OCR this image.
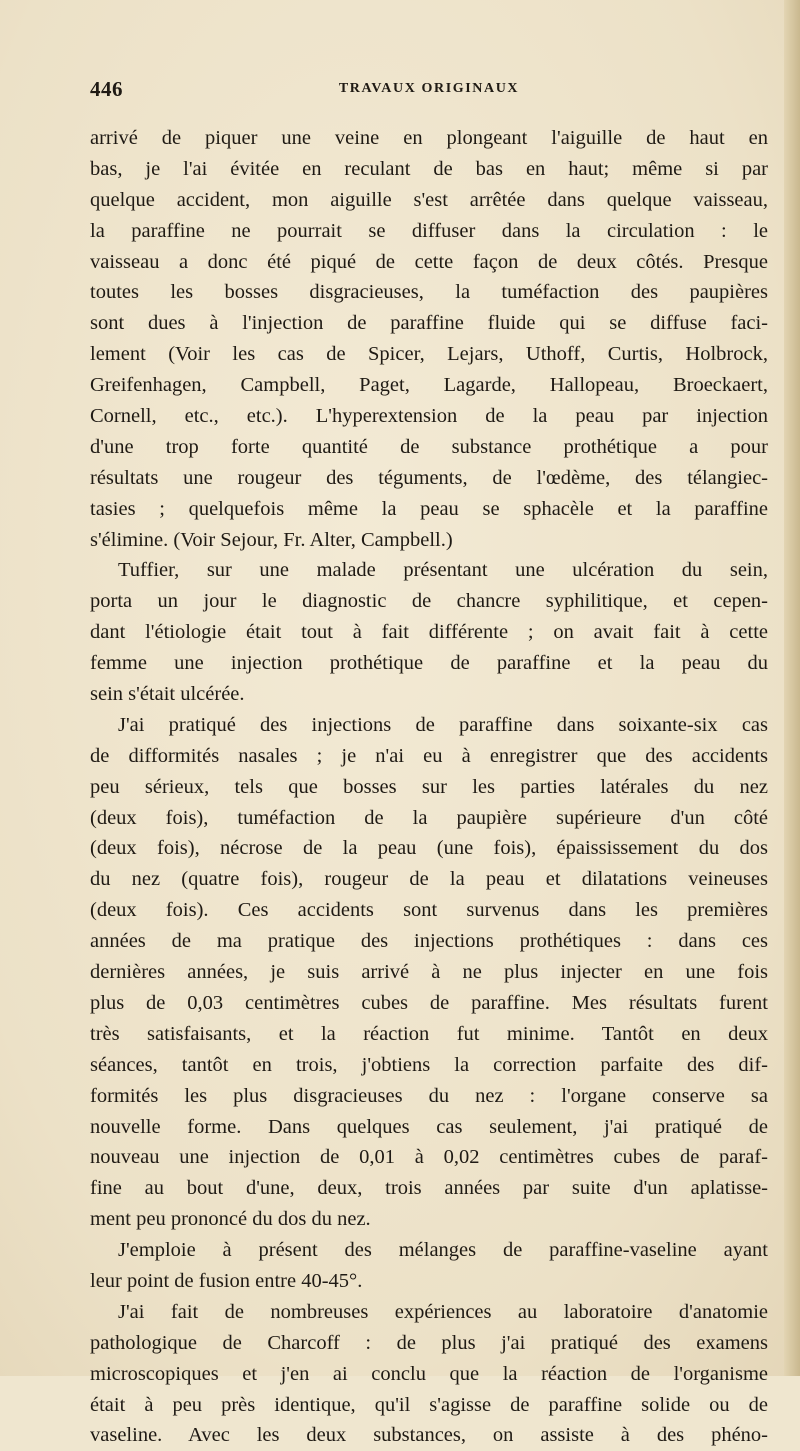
446	TRAVAUX ORIGINAUX
arrivé de piquer une veine en plongeant l'aiguille de haut en
bas, je l'ai évitée en reculant de bas en haut; même si par
quelque accident, mon aiguille s'est arrêtée dans quelque vaisseau,
la paraffine ne pourrait se diffuser dans la circulation : le
vaisseau a donc été piqué de cette façon de deux côtés. Presque
toutes les bosses disgracieuses, la tuméfaction des paupières
sont dues à l'injection de paraffine fluide qui se diffuse faci-
lement (Voir les cas de Spicer, Lejars, Uthoff, Curtis, Holbrock,
Greifenhagen, Campbell, Paget, Lagarde, Hallopeau, Broeckaert,
Cornell, etc., etc.). L'hyperextension de la peau par injection
d'une trop forte quantité de substance prothétique a pour
résultats une rougeur des téguments, de l'œdème, des télangiec-
tasies ; quelquefois même la peau se sphacèle et la paraffine
s'élimine. (Voir Sejour, Fr. Alter, Campbell.)
Tuffier, sur une malade présentant une ulcération du sein,
porta un jour le diagnostic de chancre syphilitique, et cepen-
dant l'étiologie était tout à fait différente ; on avait fait à cette
femme une injection prothétique de paraffine et la peau du
sein s'était ulcérée.
J'ai pratiqué des injections de paraffine dans soixante-six cas
de difformités nasales ; je n'ai eu à enregistrer que des accidents
peu sérieux, tels que bosses sur les parties latérales du nez
(deux fois), tuméfaction de la paupière supérieure d'un côté
(deux fois), nécrose de la peau (une fois), épaississement du dos
du nez (quatre fois), rougeur de la peau et dilatations veineuses
(deux fois). Ces accidents sont survenus dans les premières
années de ma pratique des injections prothétiques : dans ces
dernières années, je suis arrivé à ne plus injecter en une fois
plus de 0,03 centimètres cubes de paraffine. Mes résultats furent
très satisfaisants, et la réaction fut minime. Tantôt en deux
séances, tantôt en trois, j'obtiens la correction parfaite des dif-
formités les plus disgracieuses du nez : l'organe conserve sa
nouvelle forme. Dans quelques cas seulement, j'ai pratiqué de
nouveau une injection de 0,01 à 0,02 centimètres cubes de paraf-
fine au bout d'une, deux, trois années par suite d'un aplatisse-
ment peu prononcé du dos du nez.
J'emploie à présent des mélanges de paraffine-vaseline ayant
leur point de fusion entre 40-45°.
J'ai fait de nombreuses expériences au laboratoire d'anatomie
pathologique de Charcoff : de plus j'ai pratiqué des examens
microscopiques et j'en ai conclu que la réaction de l'organisme
était à peu près identique, qu'il s'agisse de paraffine solide ou de
vaseline. Avec les deux substances, on assiste à des phéno-
